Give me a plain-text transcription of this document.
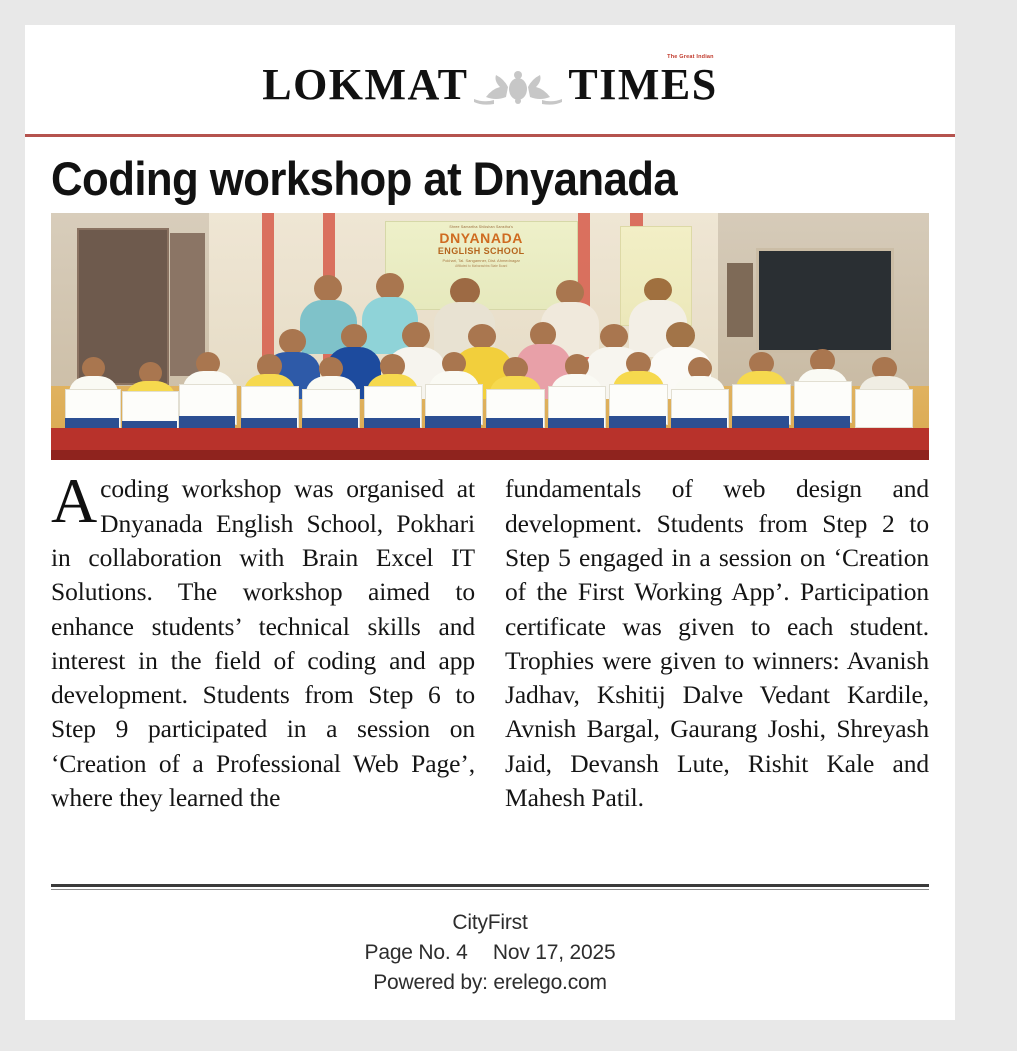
LOKMAT TIMES
The Great Indian
Coding workshop at Dnyanada
Shree Samartha Shikshan Sanstha's
DNYANADA
ENGLISH SCHOOL
Pokhari, Tal. Sangamner, Dist. Ahmednagar
Affiliated to Maharashtra State Board
Acoding workshop was organised at Dnyanada English School, Pokhari in collaboration with Brain Excel IT Solutions. The workshop aimed to enhance students’ technical skills and interest in the field of coding and app development. Students from Step 6 to Step 9 participated in a session on ‘Creation of a Professional Web Page’, where they learned the
fundamentals of web design and development. Students from Step 2 to Step 5 engaged in a session on ‘Creation of the First Working App’. Participation certificate was given to each student. Trophies were given to winners: Avanish Jadhav, Kshitij Dalve Vedant Kardile, Avnish Bargal, Gaurang Joshi, Shreyash Jaid, Devansh Lute, Rishit Kale and Mahesh Patil.
CityFirst
Page No. 4 Nov 17, 2025
Powered by: erelego.com
